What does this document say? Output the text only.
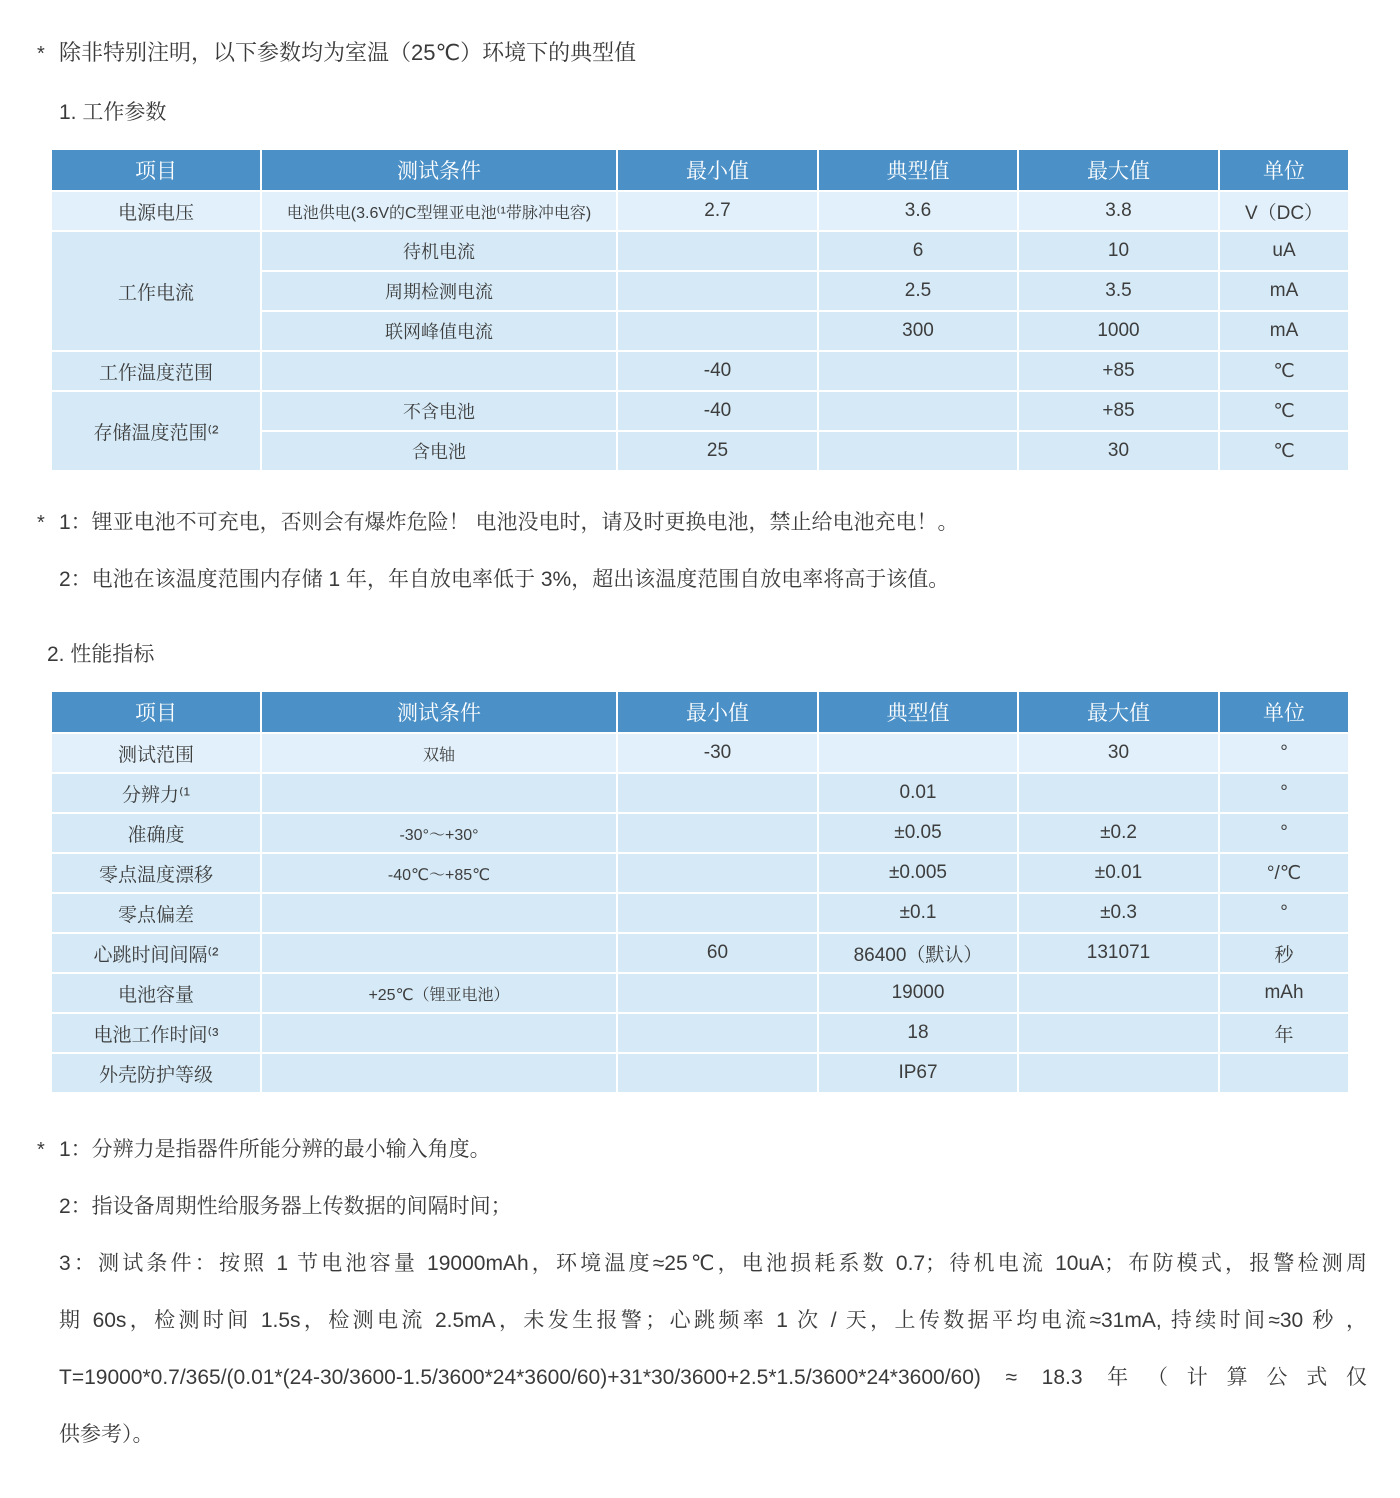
* 除非特别注明，以下参数均为室温（25℃）环境下的典型值
1. 工作参数
项目	测试条件	最小值	典型值	最大值	单位
电源电压	电池供电(3.6V的C型锂亚电池⁽¹带脉冲电容)	2.7	3.6	3.8	V（DC）
工作电流	待机电流		6	10	uA
	周期检测电流		2.5	3.5	mA
	联网峰值电流		300	1000	mA
工作温度范围		-40		+85	℃
存储温度范围⁽²	不含电池	-40		+85	℃
	含电池	25		30	℃
* 1：锂亚电池不可充电，否则会有爆炸危险！ 电池没电时，请及时更换电池，禁止给电池充电！。
2：电池在该温度范围内存储 1 年，年自放电率低于 3%，超出该温度范围自放电率将高于该值。
2. 性能指标
项目	测试条件	最小值	典型值	最大值	单位
测试范围	双轴	-30		30	°
分辨力⁽¹			0.01		°
准确度	-30°～+30°		±0.05	±0.2	°
零点温度漂移	-40℃～+85℃		±0.005	±0.01	°/℃
零点偏差			±0.1	±0.3	°
心跳时间间隔⁽²		60	86400（默认）	131071	秒
电池容量	+25℃（锂亚电池）		19000		mAh
电池工作时间⁽³			18		年
外壳防护等级			IP67		
* 1：分辨力是指器件所能分辨的最小输入角度。
2：指设备周期性给服务器上传数据的间隔时间；
3：测试条件：按照 1 节电池容量 19000mAh，环境温度≈25℃，电池损耗系数 0.7；待机电流 10uA；布防模式，报警检测周
期 60s，检测时间 1.5s，检测电流 2.5mA，未发生报警；心跳频率 1 次 / 天，上传数据平均电流≈31mA, 持续时间≈30 秒 ，
T=19000*0.7/365/(0.01*(24-30/3600-1.5/3600*24*3600/60)+31*30/3600+2.5*1.5/3600*24*3600/60) ≈ 18.3 年（计算公式仅
供参考）。
